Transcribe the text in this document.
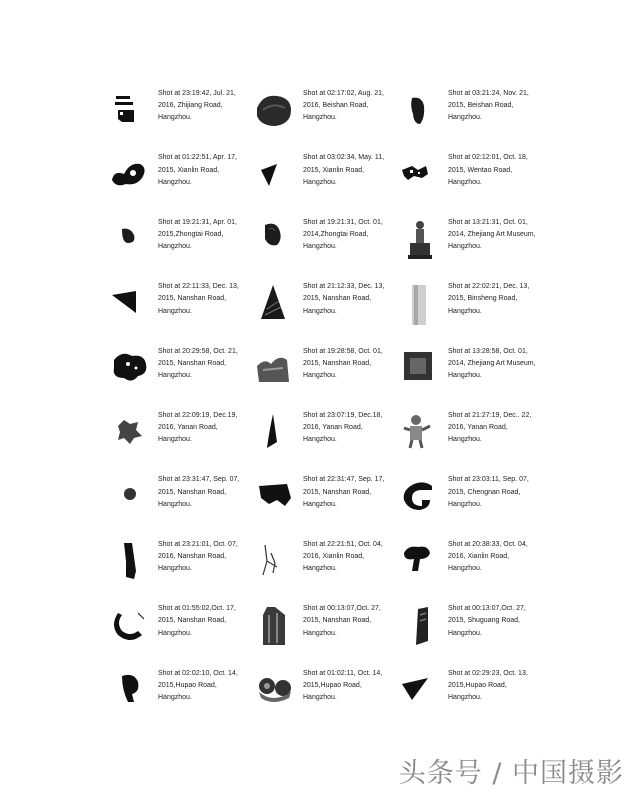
Shot at 23:19:42, Jul. 21,
2016, Zhijiang Road,
Hangzhou.
Shot at 02:17:02, Aug. 21,
2016, Beishan Road,
Hangzhou.
Shot at 03:21:24, Nov. 21,
2015, Beishan Road,
Hangzhou.
Shot at 01:22:51, Apr. 17,
2015, Xianlin Road,
Hangzhou.
Shot at 03:02:34, May. 11,
2015, Xianlin Road,
Hangzhou.
Shot at 02:12:01, Oct. 18,
2015, Wentao Road,
Hangzhou.
Shot at 19:21:31, Apr. 01,
2015,Zhongtai Road,
Hangzhou.
Shot at 19:21:31, Oct. 01,
2014,Zhongtai Road,
Hangzhou.
Shot at 13:21:31, Oct. 01,
2014, Zhejiang Art Museum,
Hangzhou.
Shot at 22:11:33, Dec. 13,
2015, Nanshan Road,
Hangzhou.
Shot at 21:12:33, Dec. 13,
2015, Nanshan Road,
Hangzhou.
Shot at 22:02:21, Dec. 13,
2015, Binsheng Road,
Hangzhou.
Shot at 20:29:58, Oct. 21,
2015, Nanshan Road,
Hangzhou.
Shot at 19:28:58, Oct. 01,
2015, Nanshan Road,
Hangzhou.
Shot at 13:28:58, Oct. 01,
2014, Zhejiang Art Museum,
Hangzhou.
Shot at 22:09:19, Dec.19,
2016, Yanan Road,
Hangzhou.
Shot at 23:07:19, Dec.18,
2016, Yanan Road,
Hangzhou.
Shot at 21:27:19, Dec.. 22,
2016, Yanan Road,
Hangzhou.
Shot at 23:31:47, Sep. 07,
2015, Nanshan Road,
Hangzhou.
Shot at 22:31:47, Sep. 17,
2015, Nanshan Road,
Hangzhou.
Shot at 23:03:11, Sep. 07,
2015, Chengnan Road,
Hangzhou.
Shot at 23:21:01, Oct. 07,
2016, Nanshan Road,
Hangzhou.
Shot at 22:21:51, Oct. 04,
2016, Xianlin Road,
Hangzhou.
Shot at 20:38:33, Oct. 04,
2016, Xianlin Road,
Hangzhou.
Shot at 01:55:02,Oct. 17,
2015, Nanshan Road,
Hangzhou.
Shot at 00:13:07,Oct. 27,
2015, Nanshan Road,
Hangzhou.
Shot at 00:13:07,Oct. 27,
2015, Shuguang Road,
Hangzhou.
Shot at 02:02:10, Oct. 14,
2015,Hupao Road,
Hangzhou.
Shot at 01:02:11, Oct. 14,
2015,Hupao Road,
Hangzhou.
Shot at 02:29:23, Oct. 13,
2015,Hupao Road,
Hangzhou.
头条号 / 中国摄影
